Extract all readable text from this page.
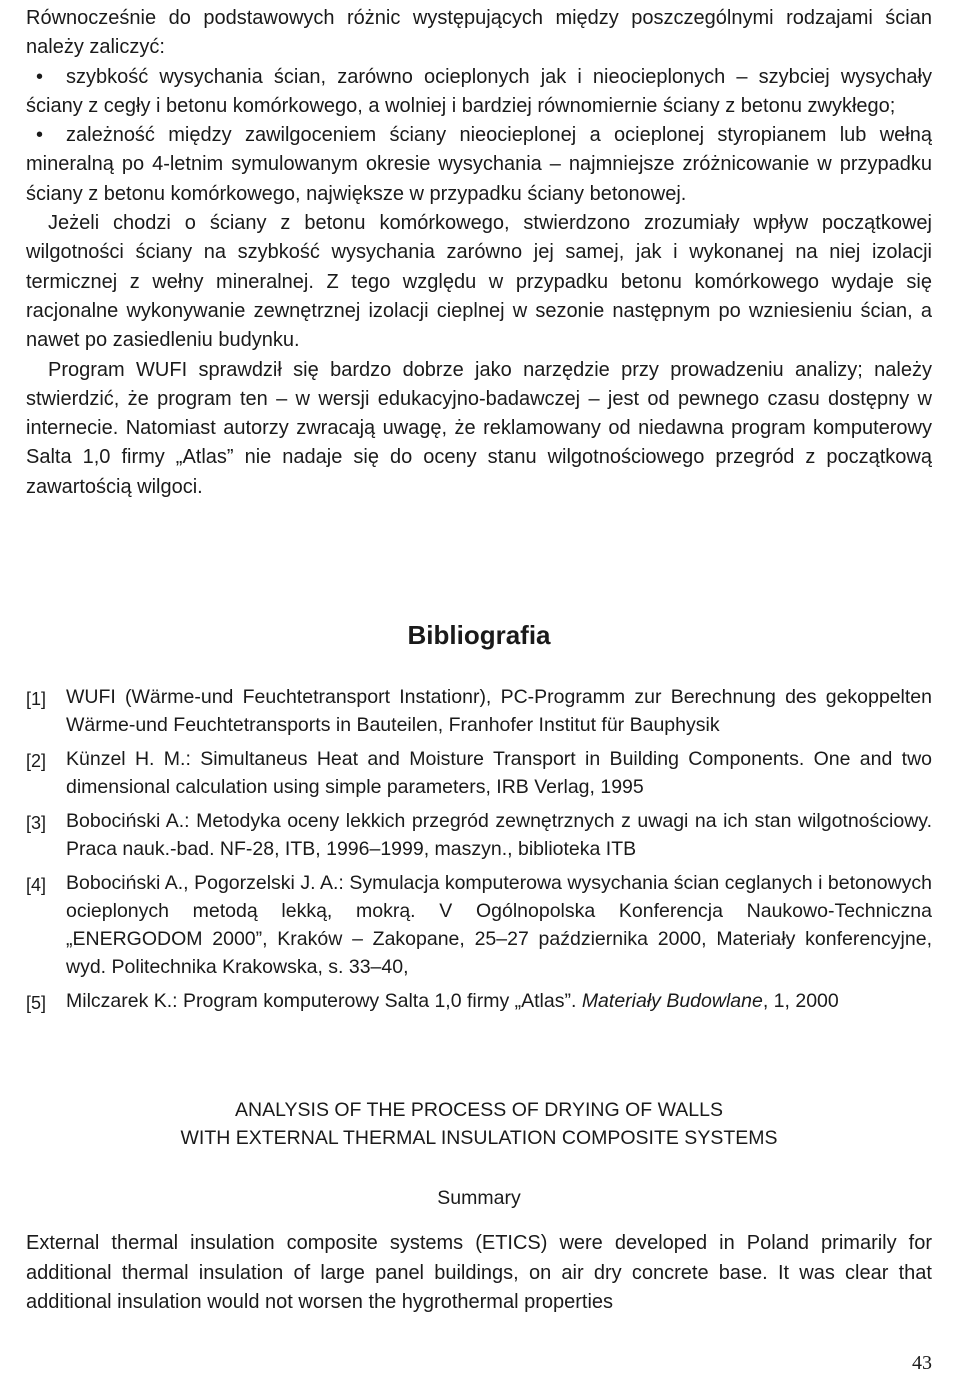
Równocześnie do podstawowych różnic występujących między poszczególnymi rodzajami ścian należy zaliczyć:

• szybkość wysychania ścian, zarówno ocieplonych jak i nieocieplonych – szybciej wysychały ściany z cegły i betonu komórkowego, a wolniej i bardziej równomiernie ściany z betonu zwykłego;

• zależność między zawilgoceniem ściany nieocieplonej a ocieplonej styropianem lub wełną mineralną po 4-letnim symulowanym okresie wysychania – najmniejsze zróżnicowanie w przypadku ściany z betonu komórkowego, największe w przypadku ściany betonowej.

Jeżeli chodzi o ściany z betonu komórkowego, stwierdzono zrozumiały wpływ początkowej wilgotności ściany na szybkość wysychania zarówno jej samej, jak i wykonanej na niej izolacji termicznej z wełny mineralnej. Z tego względu w przypadku betonu komórkowego wydaje się racjonalne wykonywanie zewnętrznej izolacji cieplnej w sezonie następnym po wzniesieniu ścian, a nawet po zasiedleniu budynku.

Program WUFI sprawdził się bardzo dobrze jako narzędzie przy prowadzeniu analizy; należy stwierdzić, że program ten – w wersji edukacyjno-badawczej – jest od pewnego czasu dostępny w internecie. Natomiast autorzy zwracają uwagę, że reklamowany od niedawna program komputerowy Salta 1,0 firmy „Atlas” nie nadaje się do oceny stanu wilgotnościowego przegród z początkową zawartością wilgoci.

Bibliografia
[1] WUFI (Wärme-und Feuchtetransport Instationr), PC-Programm zur Berechnung des gekoppelten Wärme-und Feuchtetransports in Bauteilen, Franhofer Institut für Bauphysik
[2] Künzel H. M.: Simultaneus Heat and Moisture Transport in Building Components. One and two dimensional calculation using simple parameters, IRB Verlag, 1995
[3] Bobociński A.: Metodyka oceny lekkich przegród zewnętrznych z uwagi na ich stan wilgotnościowy. Praca nauk.-bad. NF-28, ITB, 1996–1999, maszyn., biblioteka ITB
[4] Bobociński A., Pogorzelski J. A.: Symulacja komputerowa wysychania ścian ceglanych i betonowych ocieplonych metodą lekką, mokrą. V Ogólnopolska Konferencja Naukowo-Techniczna „ENERGODOM 2000”, Kraków – Zakopane, 25–27 października 2000, Materiały konferencyjne, wyd. Politechnika Krakowska, s. 33–40,
[5] Milczarek K.: Program komputerowy Salta 1,0 firmy „Atlas”. Materiały Budowlane, 1, 2000
ANALYSIS OF THE PROCESS OF DRYING OF WALLS
WITH EXTERNAL THERMAL INSULATION COMPOSITE SYSTEMS
Summary

External thermal insulation composite systems (ETICS) were developed in Poland primarily for additional thermal insulation of large panel buildings, on air dry concrete base. It was clear that additional insulation would not worsen the hygrothermal properties

43
